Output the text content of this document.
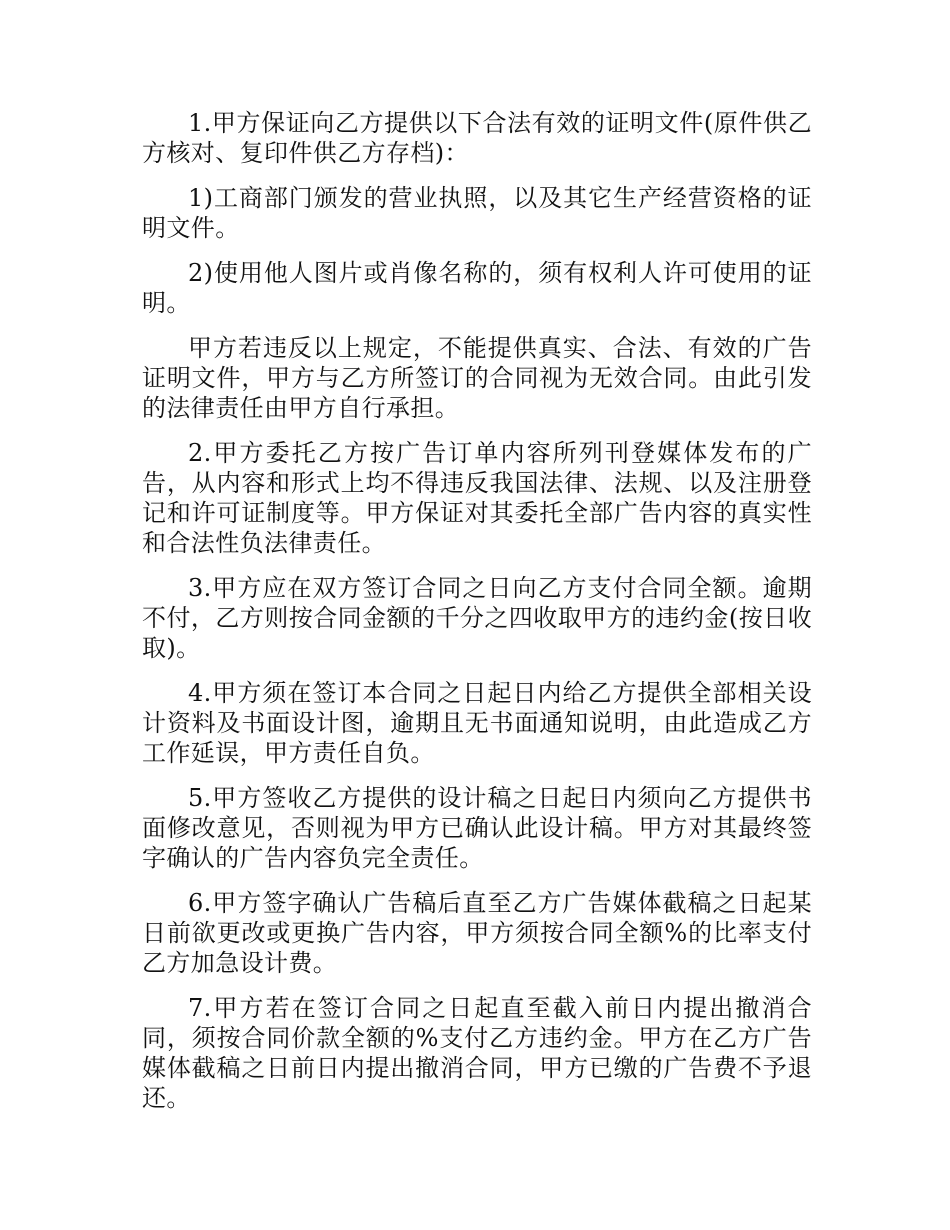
1.甲方保证向乙方提供以下合法有效的证明文件(原件供乙方核对、复印件供乙方存档)：

1)工商部门颁发的营业执照，以及其它生产经营资格的证明文件。

2)使用他人图片或肖像名称的，须有权利人许可使用的证明。

甲方若违反以上规定，不能提供真实、合法、有效的广告证明文件，甲方与乙方所签订的合同视为无效合同。由此引发的法律责任由甲方自行承担。

2.甲方委托乙方按广告订单内容所列刊登媒体发布的广告，从内容和形式上均不得违反我国法律、法规、以及注册登记和许可证制度等。甲方保证对其委托全部广告内容的真实性和合法性负法律责任。

3.甲方应在双方签订合同之日向乙方支付合同全额。逾期不付，乙方则按合同金额的千分之四收取甲方的违约金(按日收取)。

4.甲方须在签订本合同之日起日内给乙方提供全部相关设计资料及书面设计图，逾期且无书面通知说明，由此造成乙方工作延误，甲方责任自负。

5.甲方签收乙方提供的设计稿之日起日内须向乙方提供书面修改意见，否则视为甲方已确认此设计稿。甲方对其最终签字确认的广告内容负完全责任。

6.甲方签字确认广告稿后直至乙方广告媒体截稿之日起某日前欲更改或更换广告内容，甲方须按合同全额%的比率支付乙方加急设计费。

7.甲方若在签订合同之日起直至截入前日内提出撤消合同，须按合同价款全额的%支付乙方违约金。甲方在乙方广告媒体截稿之日前日内提出撤消合同，甲方已缴的广告费不予退还。
